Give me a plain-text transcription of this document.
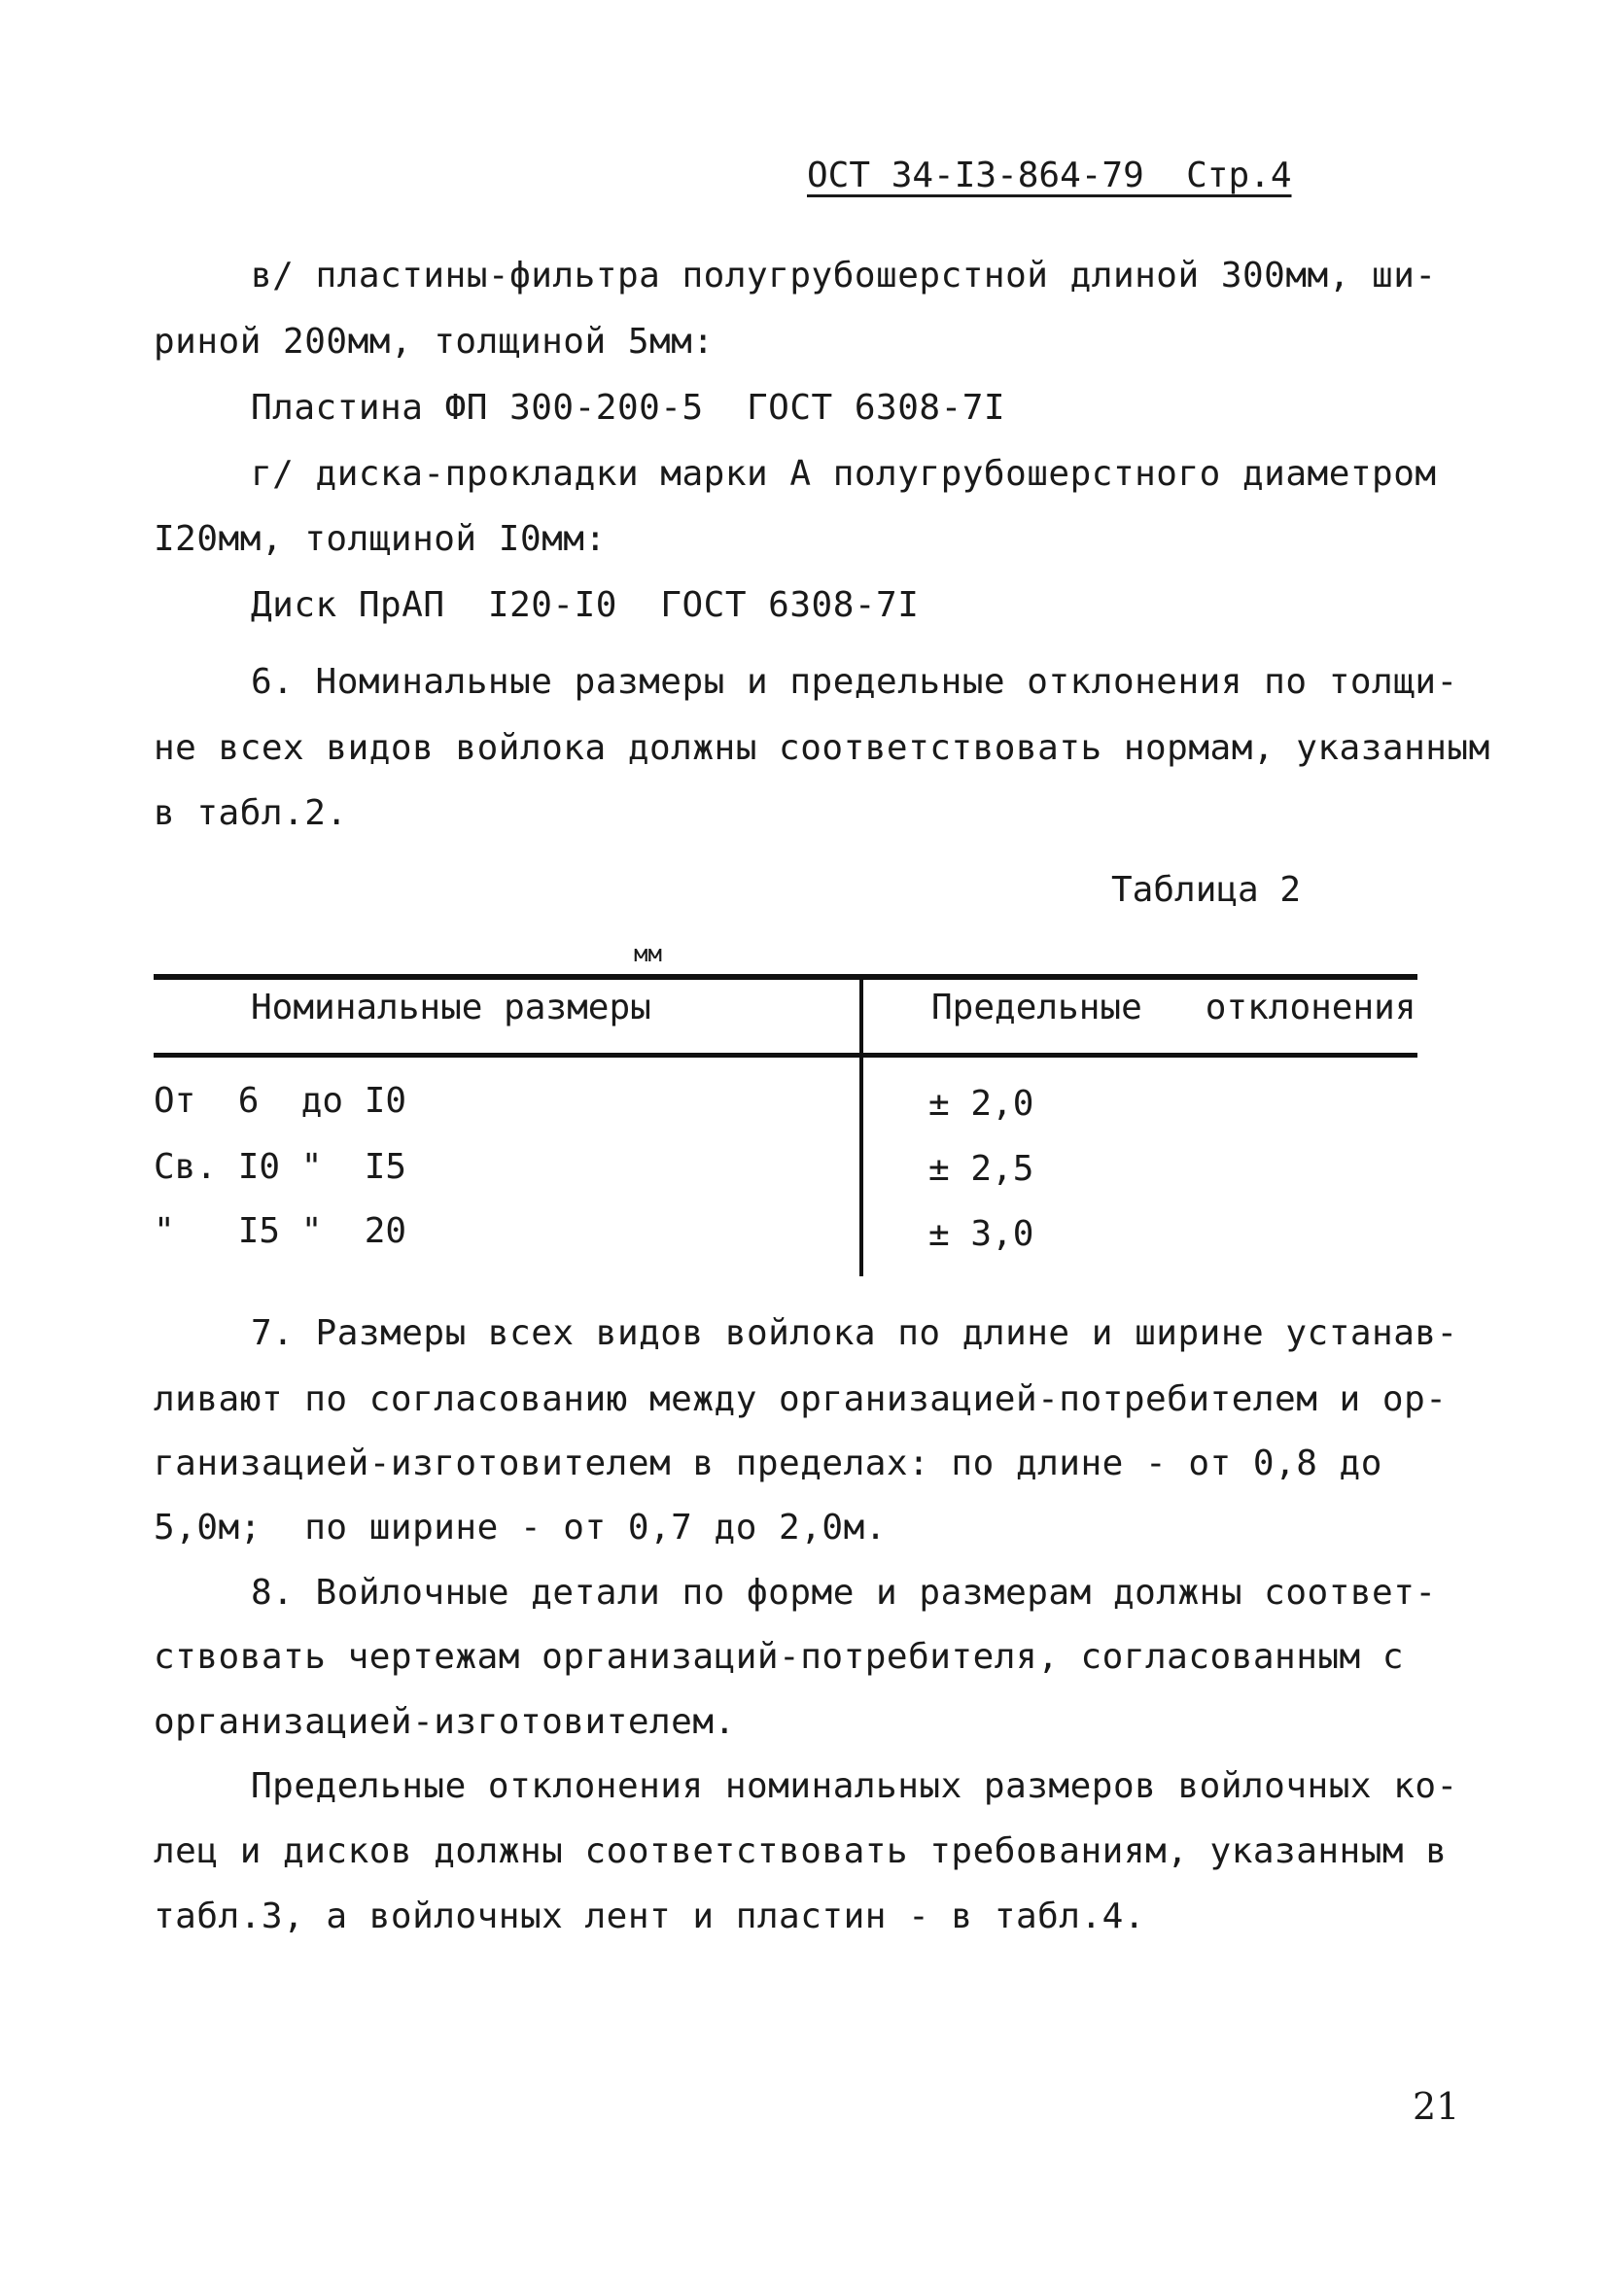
ОСТ 34-I3-864-79  Стр.4
в/ пластины-фильтра полугрубошерстной длиной 300мм, ши-
риной 200мм, толщиной 5мм:
Пластина ФП 300-200-5  ГОСТ 6308-7I
г/ диска-прокладки марки А полугрубошерстного диаметром
I20мм, толщиной I0мм:
Диск ПрАП  I20-I0  ГОСТ 6308-7I
6. Номинальные размеры и предельные отклонения по толщи-
не всех видов войлока должны соответствовать нормам, указанным
в табл.2.
Таблица 2
мм
Номинальные размеры	Предельные   отклонения
От  6  до I0	± 2,0
Св. I0 "  I5	± 2,5
"   I5 "  20	± 3,0
7. Размеры всех видов войлока по длине и ширине устанав-
ливают по согласованию между организацией-потребителем и ор-
ганизацией-изготовителем в пределах: по длине - от 0,8 до
5,0м;  по ширине - от 0,7 до 2,0м.
8. Войлочные детали по форме и размерам должны соответ-
ствовать чертежам организаций-потребителя, согласованным с
организацией-изготовителем.
Предельные отклонения номинальных размеров войлочных ко-
лец и дисков должны соответствовать требованиям, указанным в
табл.3, а войлочных лент и пластин - в табл.4.
21
